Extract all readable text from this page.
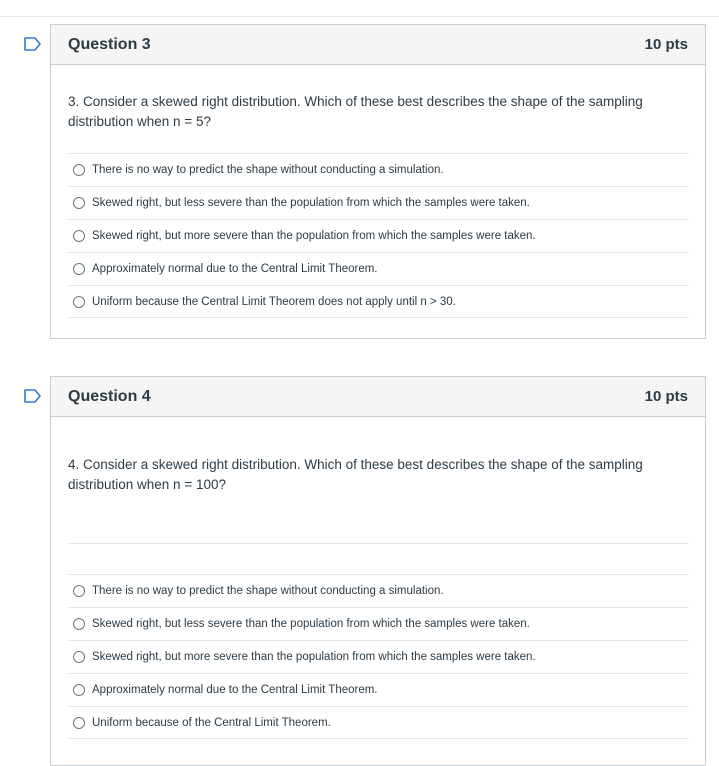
Question 3	10 pts

3. Consider a skewed right distribution. Which of these best describes the shape of the sampling distribution when n = 5?

There is no way to predict the shape without conducting a simulation.
Skewed right, but less severe than the population from which the samples were taken.
Skewed right, but more severe than the population from which the samples were taken.
Approximately normal due to the Central Limit Theorem.
Uniform because the Central Limit Theorem does not apply until n > 30.
Question 4	10 pts

4. Consider a skewed right distribution. Which of these best describes the shape of the sampling distribution when n = 100?

There is no way to predict the shape without conducting a simulation.
Skewed right, but less severe than the population from which the samples were taken.
Skewed right, but more severe than the population from which the samples were taken.
Approximately normal due to the Central Limit Theorem.
Uniform because of the Central Limit Theorem.
